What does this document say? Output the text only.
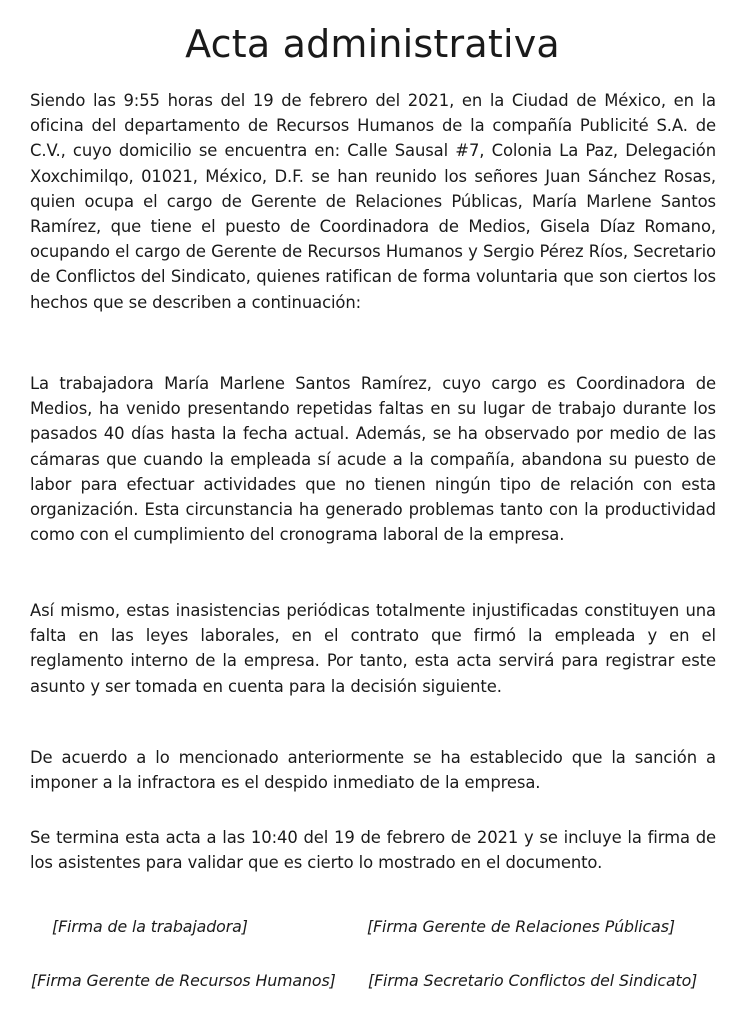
Acta administrativa

Siendo las 9:55 horas del 19 de febrero del 2021, en la Ciudad de México, en la oficina del departamento de Recursos Humanos de la compañía Publicité S.A. de C.V., cuyo domicilio se encuentra en: Calle Sausal #7, Colonia La Paz, Delegación Xoxchimilqo, 01021, México, D.F. se han reunido los señores Juan Sánchez Rosas, quien ocupa el cargo de Gerente de Relaciones Públicas, María Marlene Santos Ramírez, que tiene el puesto de Coordinadora de Medios, Gisela Díaz Romano, ocupando el cargo de Gerente de Recursos Humanos y Sergio Pérez Ríos, Secretario de Conflictos del Sindicato, quienes ratifican de forma voluntaria que son ciertos los hechos que se describen a continuación:

La trabajadora María Marlene Santos Ramírez, cuyo cargo es Coordinadora de Medios, ha venido presentando repetidas faltas en su lugar de trabajo durante los pasados 40 días hasta la fecha actual. Además, se ha observado por medio de las cámaras que cuando la empleada sí acude a la compañía, abandona su puesto de labor para efectuar actividades que no tienen ningún tipo de relación con esta organización. Esta circunstancia ha generado problemas tanto con la productividad como con el cumplimiento del cronograma laboral de la empresa.

Así mismo, estas inasistencias periódicas totalmente injustificadas constituyen una falta en las leyes laborales, en el contrato que firmó la empleada y en el reglamento interno de la empresa. Por tanto, esta acta servirá para registrar este asunto y ser tomada en cuenta para la decisión siguiente.

De acuerdo a lo mencionado anteriormente se ha establecido que la sanción a imponer a la infractora es el despido inmediato de la empresa.

Se termina esta acta a las 10:40 del 19 de febrero de 2021 y se incluye la firma de los asistentes para validar que es cierto lo mostrado en el documento.

[Firma de la trabajadora]	[Firma Gerente de Relaciones Públicas]
[Firma Gerente de Recursos Humanos] [Firma Secretario Conflictos del Sindicato]
